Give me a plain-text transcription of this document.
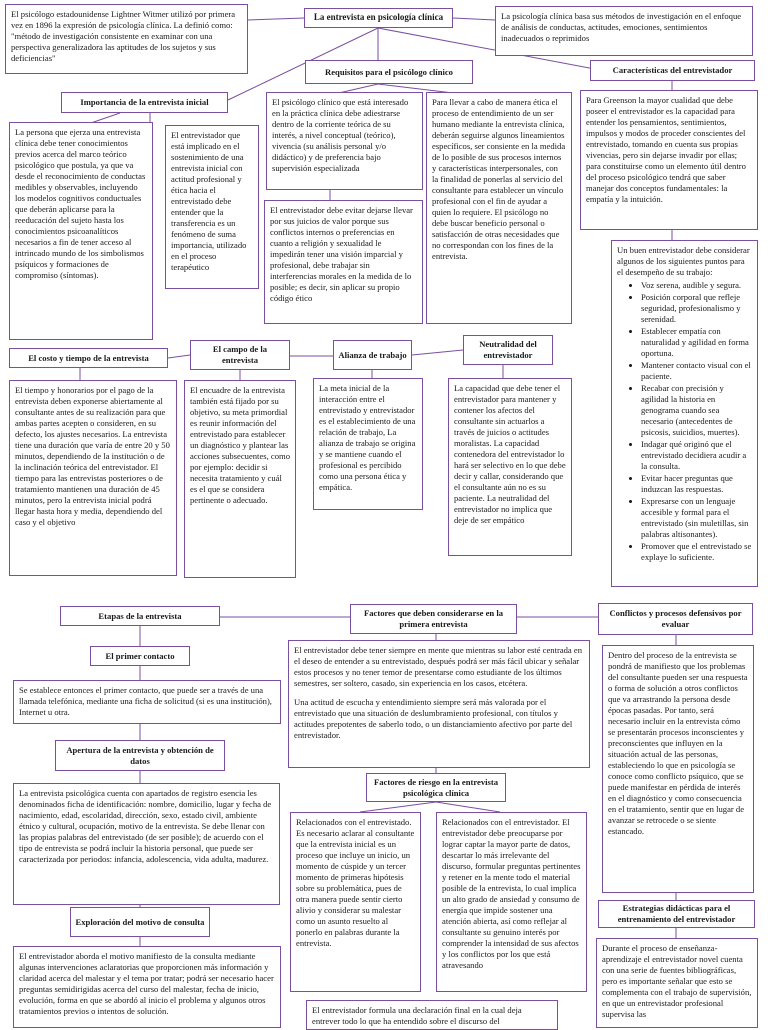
El psicólogo estadounidense Lightner Witmer utilizó por primera vez en 1896 la expresión de psicología clínica. La definió como: "método de investigación consistente en examinar con una perspectiva generalizadora las aptitudes de los sujetos y sus deficiencias"
La entrevista en psicología clínica	La psicología clínica basa sus métodos de investigación en el enfoque de análisis de conductas, actitudes, emociones, sentimientos inadecuados o reprimidos
Requisitos para el psicólogo clínico	Características del entrevistador
Importancia de la entrevista inicial
La persona que ejerza una entrevista clínica debe tener conocimientos previos acerca del marco teórico psicológico que postula, ya que va desde el reconocimiento de conductas medibles y observables, incluyendo los modelos cognitivos conductuales que deberán aplicarse para la reeducación del sujeto hasta los conocimientos psicoanalíticos necesarios a fin de tener acceso al intrincado mundo de los simbolismos psíquicos y formaciones de compromiso (síntomas).
El entrevistador que está implicado en el sostenimiento de una entrevista inicial con actitud profesional y ética hacia el entrevistado debe entender que la transferencia es un fenómeno de suma importancia, utilizado en el proceso terapéutico
El psicólogo clínico que está interesado en la práctica clínica debe adiestrarse dentro de la corriente teórica de su interés, a nivel conceptual (teórico), vivencia (su análisis personal y/o didáctico) y de preferencia bajo supervisión especializada
El entrevistador debe evitar dejarse llevar por sus juicios de valor porque sus conflictos internos o preferencias en cuanto a religión y sexualidad le impedirán tener una visión imparcial y profesional, debe trabajar sin interferencias morales en la medida de lo posible; es decir, sin aplicar su propio código ético
Para llevar a cabo de manera ética el proceso de entendimiento de un ser humano mediante la entrevista clínica, deberán seguirse algunos lineamientos específicos, ser consiente en la medida de lo posible de sus procesos internos y características interpersonales, con la finalidad de ponerlas al servicio del consultante para establecer un vínculo profesional con el fin de ayudar a quien lo requiere. El psicólogo no debe buscar beneficio personal o satisfacción de otras necesidades que no correspondan con los fines de la entrevista.
Para Greenson la mayor cualidad que debe poseer el entrevistador es la capacidad para entender los pensamientos, sentimientos, impulsos y modos de proceder conscientes del entrevistado, tomando en cuenta sus propias vivencias, pero sin dejarse invadir por ellas; para constituirse como un elemento útil dentro del proceso psicológico tendrá que saber manejar dos conceptos fundamentales: la empatía y la intuición.
Un buen entrevistador debe considerar algunos de los siguientes puntos para el desempeño de su trabajo:
• Voz serena, audible y segura.
• Posición corporal que refleje seguridad, profesionalismo y serenidad.
• Establecer empatía con naturalidad y agilidad en forma oportuna.
• Mantener contacto visual con el paciente.
• Recabar con precisión y agilidad la historia en genograma cuando sea necesario (antecedentes de psicosis, suicidios, muertes).
• Indagar qué originó que el entrevistado decidiera acudir a la consulta.
• Evitar hacer preguntas que induzcan las respuestas.
• Expresarse con un lenguaje accesible y formal para el entrevistado (sin muletillas, sin palabras altisonantes).
• Promover que el entrevistado se explaye lo suficiente.
El costo y tiempo de la entrevista
El campo de la entrevista
Alianza de trabajo
Neutralidad del entrevistador
El tiempo y honorarios por el pago de la entrevista deben exponerse abiertamente al consultante antes de su realización para que ambas partes acepten o consideren, en su defecto, los ajustes necesarios. La entrevista tiene una duración que varía de entre 20 y 50 minutos, dependiendo de la institución o de la inclinación teórica del entrevistador. El tiempo para las entrevistas posteriores o de tratamiento mantienen una duración de 45 minutos, pero la entrevista inicial podrá llegar hasta hora y media, dependiendo del caso y el objetivo
El encuadre de la entrevista también está fijado por su objetivo, su meta primordial es reunir información del entrevistado para establecer un diagnóstico y plantear las acciones subsecuentes, como por ejemplo: decidir si necesita tratamiento y cuál es el que se considera pertinente o adecuado.
La meta inicial de la interacción entre el entrevistado y entrevistador es el establecimiento de una relación de trabajo, La alianza de trabajo se origina y se mantiene cuando el profesional es percibido como una persona ética y empática.
La capacidad que debe tener el entrevistador para mantener y contener los afectos del consultante sin actuarlos a través de juicios o actitudes moralistas. La capacidad contenedora del entrevistador lo hará ser selectivo en lo que debe decir y callar, considerando que el consultante aún no es su paciente. La neutralidad del entrevistador no implica que deje de ser empático
Etapas de la entrevista	Factores que deben considerarse en la primera entrevista
Conflictos y procesos defensivos por evaluar
El primer contacto
El entrevistador debe tener siempre en mente que mientras su labor esté centrada en el deseo de entender a su entrevistado, después podrá ser más fácil ubicar y señalar estos procesos y no tener temor de presentarse como estudiante de los últimos semestres, ser soltero, casado, sin experiencia en los casos, etcétera.
Una actitud de escucha y entendimiento siempre será más valorada por el entrevistado que una situación de deslumbramiento profesional, con títulos y actitudes prepotentes de saberlo todo, o un distanciamiento afectivo por parte del entrevistador.
Dentro del proceso de la entrevista se pondrá de manifiesto que los problemas del consultante pueden ser una respuesta o forma de solución a otros conflictos que va arrastrando la persona desde épocas pasadas. Por tanto, será necesario incluir en la entrevista cómo se presentarán procesos inconscientes y preconscientes que influyen en la situación actual de las personas, estableciendo lo que en psicología se conoce como conflicto psíquico, que se puede manifestar en pérdida de interés en el diagnóstico y como consecuencia en el tratamiento, sentir que en lugar de avanzar se retrocede o se siente estancado.
Se establece entonces el primer contacto, que puede ser a través de una llamada telefónica, mediante una ficha de solicitud (si es una institución), Internet u otra.
Apertura de la entrevista y obtención de datos
Factores de riesgo en la entrevista psicológica clínica
La entrevista psicológica cuenta con apartados de registro esencia les denominados ficha de identificación: nombre, domicilio, lugar y fecha de nacimiento, edad, escolaridad, dirección, sexo, estado civil, ambiente étnico y cultural, ocupación, motivo de la entrevista. Se debe llenar con las propias palabras del entrevistado (de ser posible); de acuerdo con el tipo de entrevista se podrá incluir la historia personal, que puede ser caracterizada por periodos: infancia, adolescencia, vida adulta, madurez.
Relacionados con el entrevistado. Es necesario aclarar al consultante que la entrevista inicial es un proceso que incluye un inicio, un momento de cúspide y un tercer momento de primeras hipótesis sobre su problemática, pues de otra manera puede sentir cierto alivio y considerar su malestar como un asunto resuelto al ponerlo en palabras durante la entrevista.
Relacionados con el entrevistador. El entrevistador debe preocuparse por lograr captar la mayor parte de datos, descartar lo más irrelevante del discurso, formular preguntas pertinentes y retener en la mente todo el material posible de la entrevista, lo cual implica un alto grado de ansiedad y consumo de energía que impide sostener una atención abierta, así como reflejar al consultante su genuino interés por comprender la intensidad de sus afectos y los conflictos por los que está atravesando
Exploración del motivo de consulta
Estrategias didácticas para el entrenamiento del entrevistador
El entrevistador aborda el motivo manifiesto de la consulta mediante algunas intervenciones aclaratorias que proporcionen más información y claridad acerca del malestar y el tema por tratar; podrá ser necesario hacer preguntas semidirigidas acerca del curso del malestar, fecha de inicio, evolución, forma en que se abordó al inicio el problema y algunos otros tratamientos previos o intentos de solución.
Durante el proceso de enseñanza-aprendizaje el entrevistador novel cuenta con una serie de fuentes bibliográficas, pero es importante señalar que esto se complementa con el trabajo de supervisión, en que un entrevistador profesional supervisa las
El entrevistador formula una declaración final en la cual deja entrever todo lo que ha entendido sobre el discurso del
